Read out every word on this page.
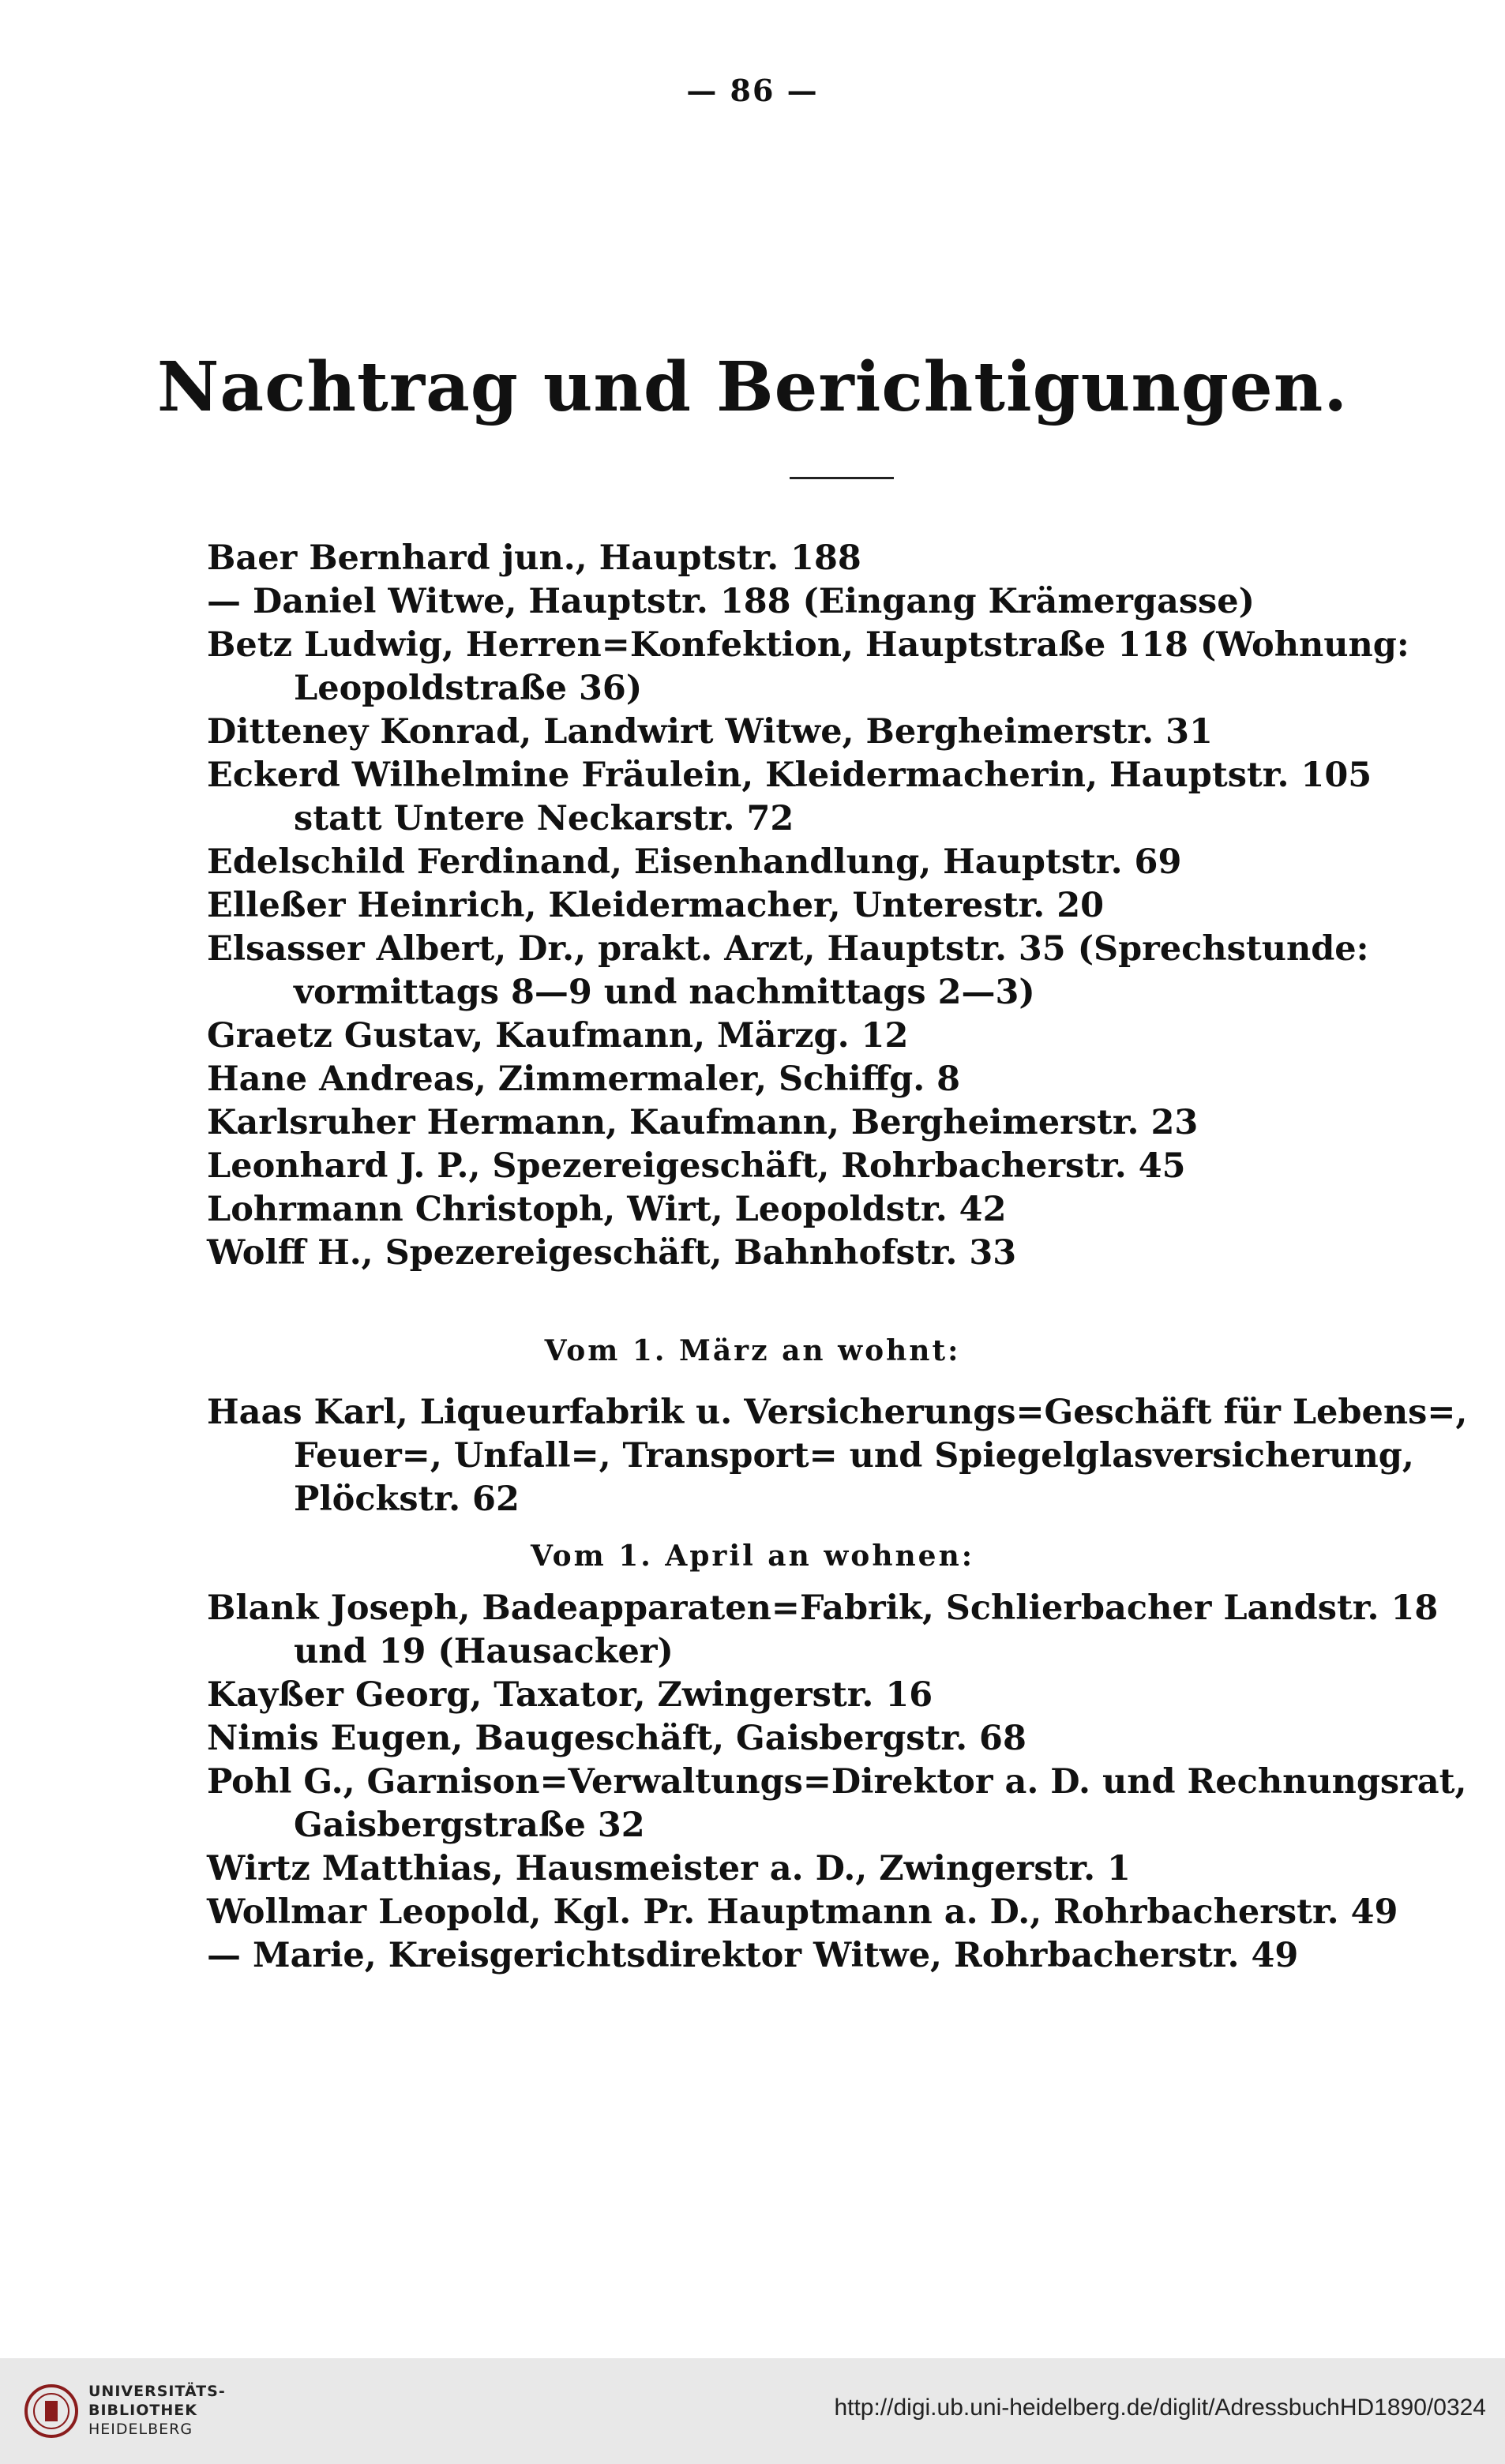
— 86 —
Nachtrag und Berichtigungen.

Baer Bernhard jun., Hauptstr. 188

— Daniel Witwe, Hauptstr. 188 (Eingang Krämergasse)

Betz Ludwig, Herren=Konfektion, Hauptstraße 118 (Wohnung: Leopoldstraße 36)

Ditteney Konrad, Landwirt Witwe, Bergheimerstr. 31

Eckerd Wilhelmine Fräulein, Kleidermacherin, Hauptstr. 105 statt Untere Neckarstr. 72

Edelschild Ferdinand, Eisenhandlung, Hauptstr. 69

Elleßer Heinrich, Kleidermacher, Unterestr. 20

Elsasser Albert, Dr., prakt. Arzt, Hauptstr. 35 (Sprechstunde: vormittags 8—9 und nachmittags 2—3)

Graetz Gustav, Kaufmann, Märzg. 12

Hane Andreas, Zimmermaler, Schiffg. 8

Karlsruher Hermann, Kaufmann, Bergheimerstr. 23

Leonhard J. P., Spezereigeschäft, Rohrbacherstr. 45

Lohrmann Christoph, Wirt, Leopoldstr. 42

Wolff H., Spezereigeschäft, Bahnhofstr. 33

Vom 1. März an wohnt:

Haas Karl, Liqueurfabrik u. Versicherungs=Geschäft für Lebens=, Feuer=, Unfall=, Transport= und Spiegelglasversicherung, Plöckstr. 62

Vom 1. April an wohnen:

Blank Joseph, Badeapparaten=Fabrik, Schlierbacher Landstr. 18 und 19 (Hausacker)

Kayßer Georg, Taxator, Zwingerstr. 16

Nimis Eugen, Baugeschäft, Gaisbergstr. 68

Pohl G., Garnison=Verwaltungs=Direktor a. D. und Rechnungsrat, Gaisbergstraße 32

Wirtz Matthias, Hausmeister a. D., Zwingerstr. 1

Wollmar Leopold, Kgl. Pr. Hauptmann a. D., Rohrbacherstr. 49

— Marie, Kreisgerichtsdirektor Witwe, Rohrbacherstr. 49

UNIVERSITÄTS-
BIBLIOTHEK
HEIDELBERG
http://digi.ub.uni-heidelberg.de/diglit/AdressbuchHD1890/0324
